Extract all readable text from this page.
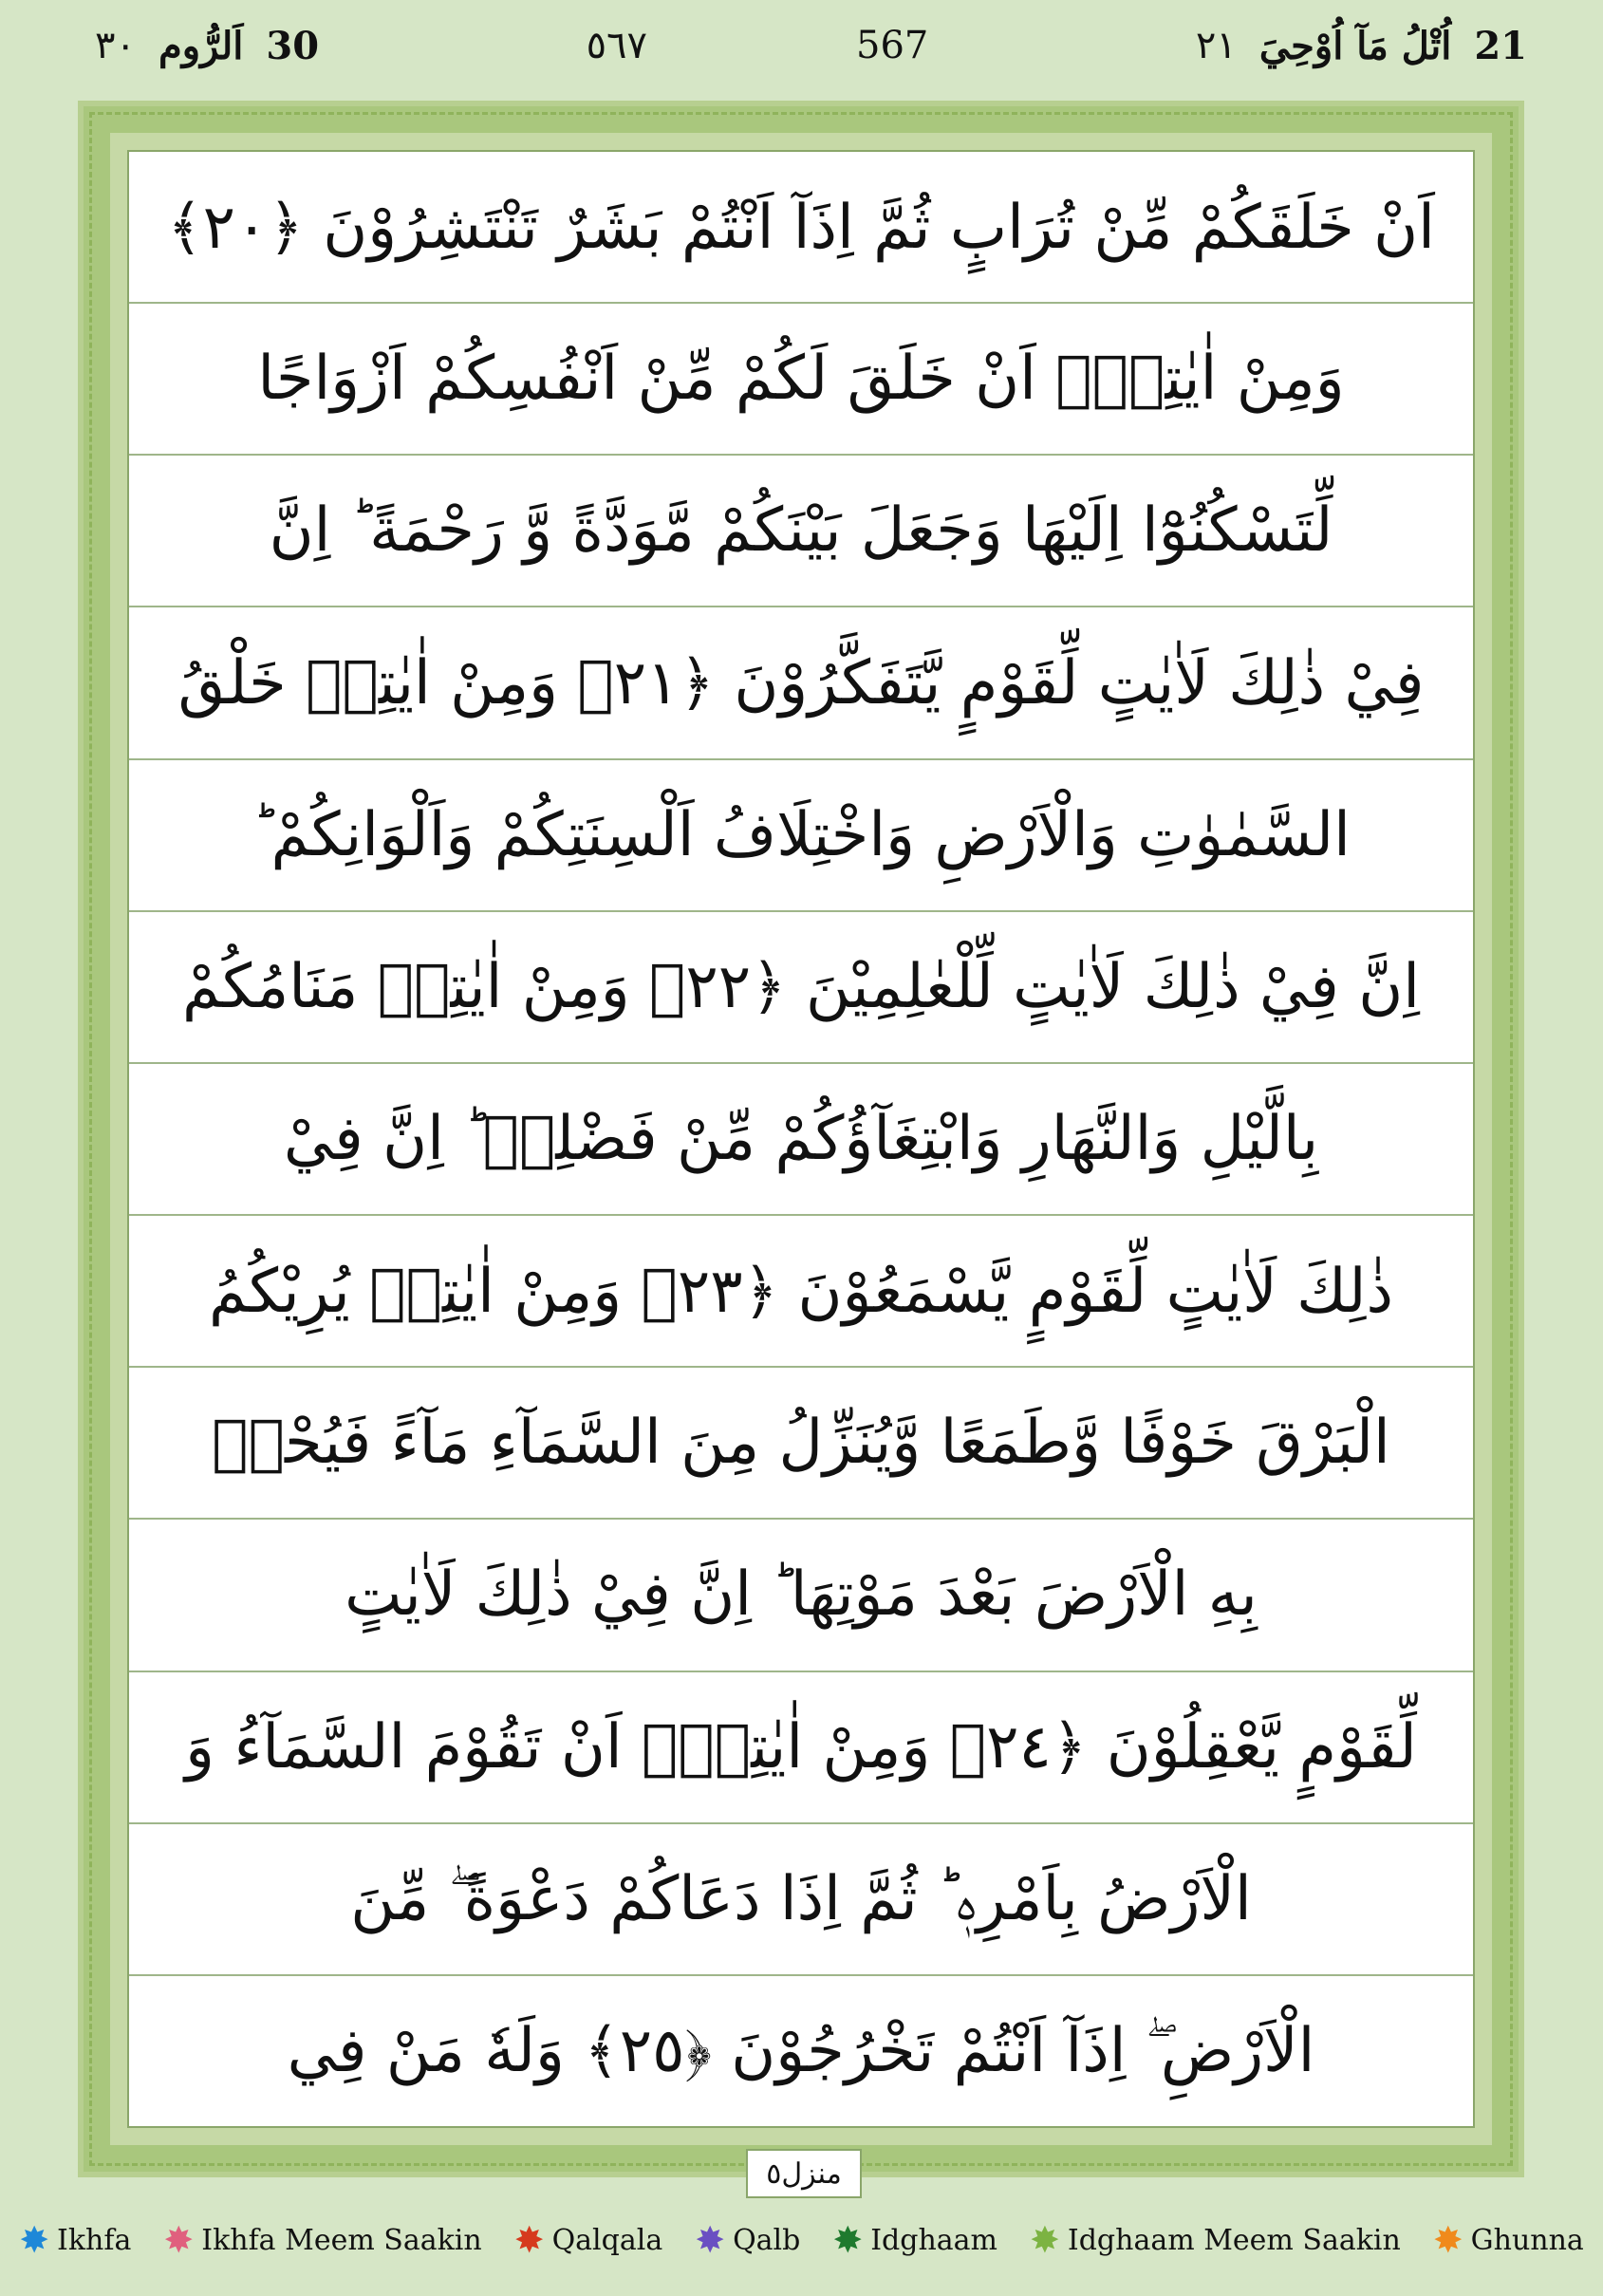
٣٠ اَلرُّوم 30	٥٦٧	567	٢١ اُتْلُ مَآ اُوْحِيَ 21
اَنْ خَلَقَكُمْ مِّنْ تُرَابٍ ثُمَّ اِذَآ اَنْتُمْ بَشَرٌ تَنْتَشِرُوْنَ ﴿٢٠﴾
وَمِنْ اٰيٰتِهٖٓ اَنْ خَلَقَ لَكُمْ مِّنْ اَنْفُسِكُمْ اَزْوَاجًا
لِّتَسْكُنُوْٓا اِلَيْهَا وَجَعَلَ بَيْنَكُمْ مَّوَدَّةً وَّ رَحْمَةً ؕ اِنَّ
فِيْ ذٰلِكَ لَاٰيٰتٍ لِّقَوْمٍ يَّتَفَكَّرُوْنَ ﴿٢١﴾ وَمِنْ اٰيٰتِهٖ خَلْقُ
السَّمٰوٰتِ وَالْاَرْضِ وَاخْتِلَافُ اَلْسِنَتِكُمْ وَاَلْوَانِكُمْ ؕ
اِنَّ فِيْ ذٰلِكَ لَاٰيٰتٍ لِّلْعٰلِمِيْنَ ﴿٢٢﴾ وَمِنْ اٰيٰتِهٖ مَنَامُكُمْ
بِالَّيْلِ وَالنَّهَارِ وَابْتِغَآؤُكُمْ مِّنْ فَضْلِهٖ ؕ اِنَّ فِيْ
ذٰلِكَ لَاٰيٰتٍ لِّقَوْمٍ يَّسْمَعُوْنَ ﴿٢٣﴾ وَمِنْ اٰيٰتِهٖ يُرِيْكُمُ
الْبَرْقَ خَوْفًا وَّطَمَعًا وَّيُنَزِّلُ مِنَ السَّمَآءِ مَآءً فَيُحْيٖ
بِهِ الْاَرْضَ بَعْدَ مَوْتِهَا ؕ اِنَّ فِيْ ذٰلِكَ لَاٰيٰتٍ
لِّقَوْمٍ يَّعْقِلُوْنَ ﴿٢٤﴾ وَمِنْ اٰيٰتِهٖٓ اَنْ تَقُوْمَ السَّمَآءُ وَ
الْاَرْضُ بِاَمْرِهٖ ؕ ثُمَّ اِذَا دَعَاكُمْ دَعْوَةً ۖ مِّنَ
الْاَرْضِ ۖ اِذَآ اَنْتُمْ تَخْرُجُوْنَ ﴿٢٥﴾ وَلَهٗ مَنْ فِي
منزل٥
✸ Ikhfa ✸ Ikhfa Meem Saakin ✸ Qalqala ✸ Qalb ✸ Idghaam ✸ Idghaam Meem Saakin ✸ Ghunna
